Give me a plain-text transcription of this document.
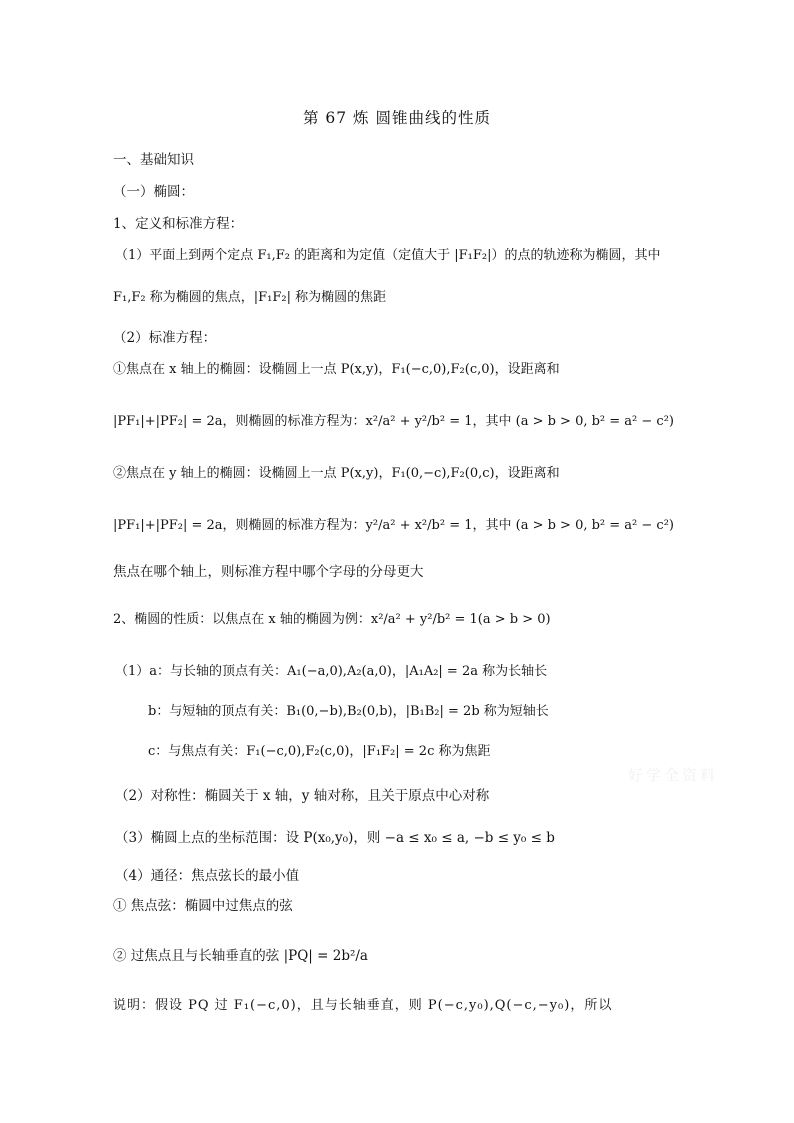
第 67 炼 圆锥曲线的性质
一、基础知识
（一）椭圆：
1、定义和标准方程：
（1）平面上到两个定点 F₁,F₂ 的距离和为定值（定值大于 |F₁F₂|）的点的轨迹称为椭圆，其中
F₁,F₂ 称为椭圆的焦点，|F₁F₂| 称为椭圆的焦距
（2）标准方程：
①焦点在 x 轴上的椭圆：设椭圆上一点 P(x,y)，F₁(−c,0),F₂(c,0)，设距离和
|PF₁|+|PF₂| = 2a，则椭圆的标准方程为：x²/a² + y²/b² = 1，其中 (a > b > 0, b² = a² − c²)
②焦点在 y 轴上的椭圆：设椭圆上一点 P(x,y)，F₁(0,−c),F₂(0,c)，设距离和
|PF₁|+|PF₂| = 2a，则椭圆的标准方程为：y²/a² + x²/b² = 1，其中 (a > b > 0, b² = a² − c²)
焦点在哪个轴上，则标准方程中哪个字母的分母更大
2、椭圆的性质：以焦点在 x 轴的椭圆为例：x²/a² + y²/b² = 1(a > b > 0)
（1）a：与长轴的顶点有关：A₁(−a,0),A₂(a,0)，|A₁A₂| = 2a 称为长轴长
b：与短轴的顶点有关：B₁(0,−b),B₂(0,b)，|B₁B₂| = 2b 称为短轴长
c：与焦点有关：F₁(−c,0),F₂(c,0)，|F₁F₂| = 2c 称为焦距
（2）对称性：椭圆关于 x 轴，y 轴对称，且关于原点中心对称
（3）椭圆上点的坐标范围：设 P(x₀,y₀)，则 −a ≤ x₀ ≤ a, −b ≤ y₀ ≤ b
（4）通径：焦点弦长的最小值
① 焦点弦：椭圆中过焦点的弦
② 过焦点且与长轴垂直的弦 |PQ| = 2b²/a
说明：假设 PQ 过 F₁(−c,0)，且与长轴垂直，则 P(−c,y₀),Q(−c,−y₀)，所以
好学全资料
